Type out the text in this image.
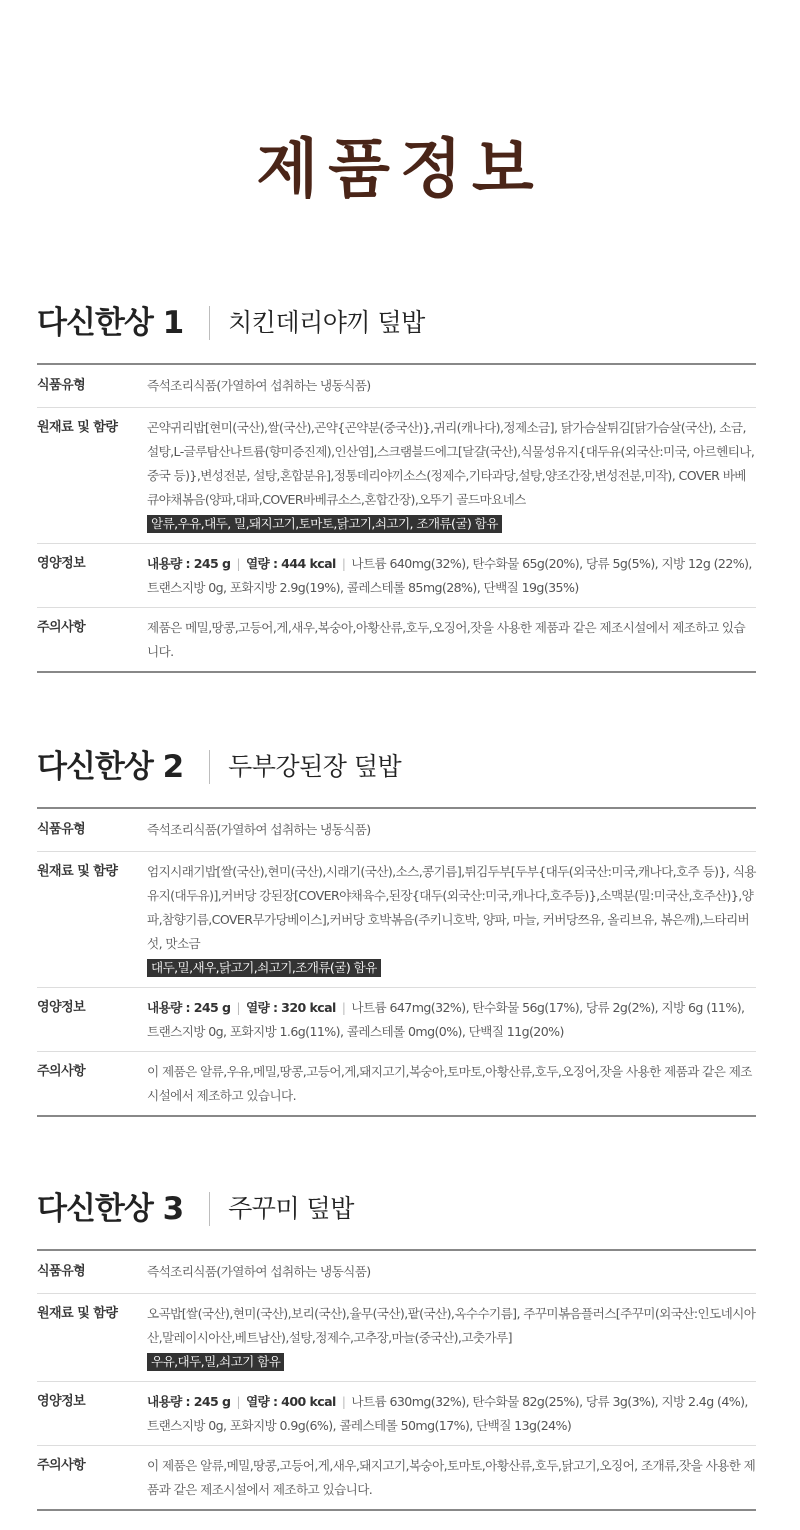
제품정보
다신한상 1 치킨데리야끼 덮밥
식품유형	즉석조리식품(가열하여 섭취하는 냉동식품)
원재료 및 함량	곤약귀리밥[현미(국산),쌀(국산),곤약{곤약분(중국산)},귀리(캐나다),정제소금], 닭가슴살튀김[닭가슴살(국산), 소금,설탕,L-글루탐산나트륨(향미증진제),인산염],스크램블드에그[달걀(국산),식물성유지{대두유(외국산:미국, 아르헨티나, 중국 등)},변성전분, 설탕,혼합분유],정통데리야끼소스(정제수,기타과당,설탕,양조간장,변성전분,미작), COVER 바베큐야채볶음(양파,대파,COVER바베큐소스,혼합간장),오뚜기 골드마요네스
알류,우유,대두, 밀,돼지고기,토마토,닭고기,쇠고기, 조개류(굴) 함유
영양정보	내용량 : 245 g | 열량 : 444 kcal | 나트륨 640mg(32%), 탄수화물 65g(20%), 당류 5g(5%), 지방 12g (22%), 트랜스지방 0g, 포화지방 2.9g(19%), 콜레스테롤 85mg(28%), 단백질 19g(35%)
주의사항	제품은 메밀,땅콩,고등어,게,새우,복숭아,아황산류,호두,오징어,잣을 사용한 제품과 같은 제조시설에서 제조하고 있습니다.
다신한상 2 두부강된장 덮밥
식품유형	즉석조리식품(가열하여 섭취하는 냉동식품)
원재료 및 함량	엄지시래기밥[쌀(국산),현미(국산),시래기(국산),소스,콩기름],튀김두부[두부{대두(외국산:미국,캐나다,호주 등)}, 식용유지(대두유)],커버당 강된장[COVER야채육수,된장{대두(외국산:미국,캐나다,호주등)},소맥분(밀:미국산,호주산)},양파,참향기름,COVER무가당베이스],커버당 호박볶음(주키니호박, 양파, 마늘, 커버당쯔유, 올리브유, 볶은깨),느타리버섯, 맛소금
대두,밀,새우,닭고기,쇠고기,조개류(굴) 함유
영양정보	내용량 : 245 g | 열량 : 320 kcal | 나트륨 647mg(32%), 탄수화물 56g(17%), 당류 2g(2%), 지방 6g (11%), 트랜스지방 0g, 포화지방 1.6g(11%), 콜레스테롤 0mg(0%), 단백질 11g(20%)
주의사항	이 제품은 알류,우유,메밀,땅콩,고등어,게,돼지고기,복숭아,토마토,아황산류,호두,오징어,잣을 사용한 제품과 같은 제조시설에서 제조하고 있습니다.
다신한상 3 주꾸미 덮밥
식품유형	즉석조리식품(가열하여 섭취하는 냉동식품)
원재료 및 함량	오곡밥[쌀(국산),현미(국산),보리(국산),율무(국산),팥(국산),옥수수기름], 주꾸미볶음플러스[주꾸미(외국산:인도네시아산,말레이시아산,베트남산),설탕,정제수,고추장,마늘(중국산),고춧가루]
우유,대두,밀,쇠고기 함유
영양정보	내용량 : 245 g | 열량 : 400 kcal | 나트륨 630mg(32%), 탄수화물 82g(25%), 당류 3g(3%), 지방 2.4g (4%), 트랜스지방 0g, 포화지방 0.9g(6%), 콜레스테롤 50mg(17%), 단백질 13g(24%)
주의사항	이 제품은 알류,메밀,땅콩,고등어,게,새우,돼지고기,복숭아,토마토,아황산류,호두,닭고기,오징어, 조개류,잣을 사용한 제품과 같은 제조시설에서 제조하고 있습니다.
